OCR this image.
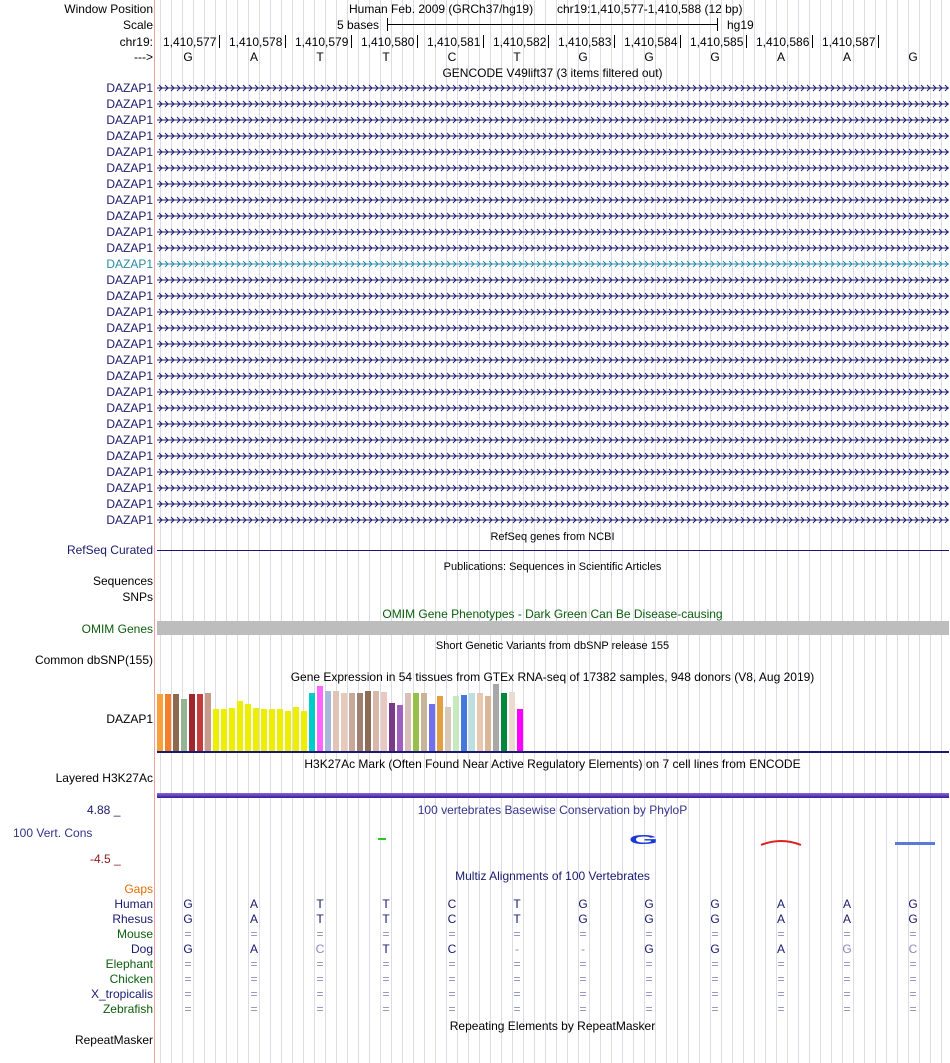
Window Position	Human Feb. 2009 (GRCh37/hg19) chr19:1,410,577-1,410,588 (12 bp)
Scale	5 bases	hg19
chr19: 1,410,577 1,410,578 1,410,579 1,410,580 1,410,581 1,410,582 1,410,583 1,410,584 1,410,585 1,410,586 1,410,587
--->	G	A	T	T	C	T	G	G	G	A	A	G
GENCODE V49lift37 (3 items filtered out)
DAZAP1
DAZAP1
DAZAP1
DAZAP1
DAZAP1
DAZAP1
DAZAP1
DAZAP1
DAZAP1
DAZAP1
DAZAP1
DAZAP1
DAZAP1
DAZAP1
DAZAP1
DAZAP1
DAZAP1
DAZAP1
DAZAP1
DAZAP1
DAZAP1
DAZAP1
DAZAP1
DAZAP1
DAZAP1
DAZAP1
DAZAP1
DAZAP1
RefSeq genes from NCBI
RefSeq Curated
Publications: Sequences in Scientific Articles
Sequences
SNPs
OMIM Gene Phenotypes - Dark Green Can Be Disease-causing
OMIM Genes
Short Genetic Variants from dbSNP release 155
Common dbSNP(155)
Gene Expression in 54 tissues from GTEx RNA-seq of 17382 samples, 948 donors (V8, Aug 2019)
DAZAP1
H3K27Ac Mark (Often Found Near Active Regulatory Elements) on 7 cell lines from ENCODE
Layered H3K27Ac
4.88 _	100 vertebrates Basewise Conservation by PhyloP
100 Vert. Cons
-4.5 _
G
Multiz Alignments of 100 Vertebrates
Gaps
Human	G	A	T	T	C	T	G	G	G	A	A	G
Rhesus	G	A	T	T	C	T	G	G	G	A	A	G
Mouse	=	=	=	=	=	=	=	=	=	=	=	=
Dog	G	A	C	T	C	-	-	G	G	A	G	C
Elephant	=	=	=	=	=	=	=	=	=	=	=	=
Chicken	=	=	=	=	=	=	=	=	=	=	=	=
X_tropicalis	=	=	=	=	=	=	=	=	=	=	=	=
Zebrafish	=	=	=	=	=	=	=	=	=	=	=	=
Repeating Elements by RepeatMasker
RepeatMasker
